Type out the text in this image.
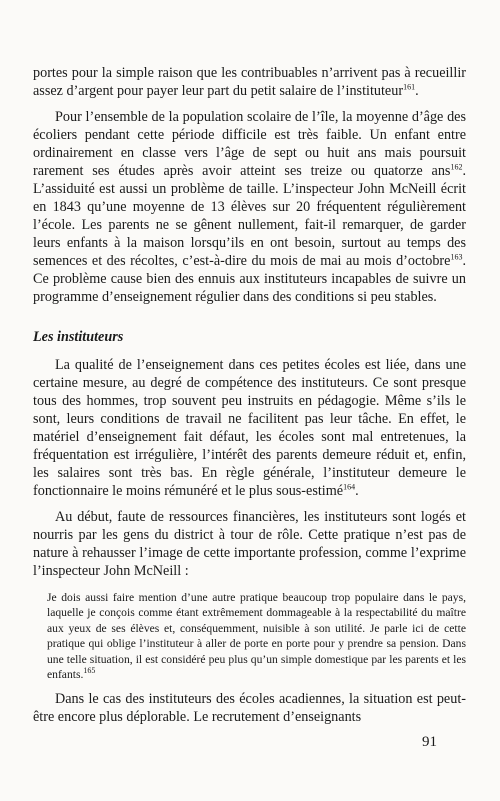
portes pour la simple raison que les contribuables n’arrivent pas à recueillir assez d’argent pour payer leur part du petit salaire de l’instituteur$^{161}$.

Pour l’ensemble de la population scolaire de l’île, la moyenne d’âge des écoliers pendant cette période difficile est très faible. Un enfant entre ordinairement en classe vers l’âge de sept ou huit ans mais poursuit rarement ses études après avoir atteint ses treize ou quatorze ans$^{162}$. L’assiduité est aussi un problème de taille. L’inspecteur John McNeill écrit en 1843 qu’une moyenne de 13 élèves sur 20 fréquentent régulièrement l’école. Les parents ne se gênent nullement, fait-il remarquer, de garder leurs enfants à la maison lorsqu’ils en ont besoin, surtout au temps des semences et des récoltes, c’est-à-dire du mois de mai au mois d’octobre$^{163}$. Ce problème cause bien des ennuis aux instituteurs incapables de suivre un programme d’enseignement régulier dans des conditions si peu stables.

Les instituteurs

La qualité de l’enseignement dans ces petites écoles est liée, dans une certaine mesure, au degré de compétence des instituteurs. Ce sont presque tous des hommes, trop souvent peu instruits en pédagogie. Même s’ils le sont, leurs conditions de travail ne facilitent pas leur tâche. En effet, le matériel d’enseignement fait défaut, les écoles sont mal entretenues, la fréquentation est irrégulière, l’intérêt des parents demeure réduit et, enfin, les salaires sont très bas. En règle générale, l’instituteur demeure le fonctionnaire le moins rémunéré et le plus sous-estimé$^{164}$.

Au début, faute de ressources financières, les instituteurs sont logés et nourris par les gens du district à tour de rôle. Cette pratique n’est pas de nature à rehausser l’image de cette importante profession, comme l’exprime l’inspecteur John McNeill :

Je dois aussi faire mention d’une autre pratique beaucoup trop populaire dans le pays, laquelle je conçois comme étant extrêmement dommageable à la respectabilité du maître aux yeux de ses élèves et, conséquemment, nuisible à son utilité. Je parle ici de cette pratique qui oblige l’instituteur à aller de porte en porte pour y prendre sa pension. Dans une telle situation, il est considéré peu plus qu’un simple domestique par les parents et les enfants.$^{165}$

Dans le cas des instituteurs des écoles acadiennes, la situation est peut-être encore plus déplorable. Le recrutement d’enseignants

91
